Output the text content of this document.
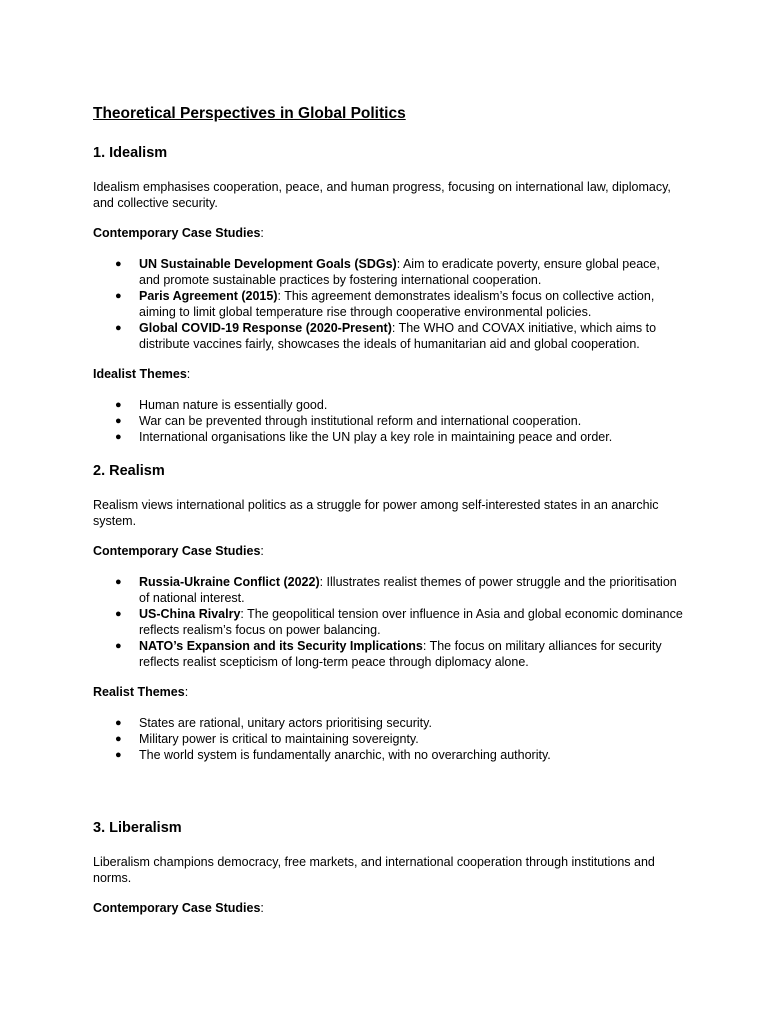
Theoretical Perspectives in Global Politics
1. Idealism

Idealism emphasises cooperation, peace, and human progress, focusing on international law, diplomacy, and collective security.

Contemporary Case Studies:

● UN Sustainable Development Goals (SDGs): Aim to eradicate poverty, ensure global peace, and promote sustainable practices by fostering international cooperation.
● Paris Agreement (2015): This agreement demonstrates idealism’s focus on collective action, aiming to limit global temperature rise through cooperative environmental policies.
● Global COVID-19 Response (2020-Present): The WHO and COVAX initiative, which aims to distribute vaccines fairly, showcases the ideals of humanitarian aid and global cooperation.

Idealist Themes:

● Human nature is essentially good.
● War can be prevented through institutional reform and international cooperation.
● International organisations like the UN play a key role in maintaining peace and order.
2. Realism

Realism views international politics as a struggle for power among self-interested states in an anarchic system.

Contemporary Case Studies:

● Russia-Ukraine Conflict (2022): Illustrates realist themes of power struggle and the prioritisation of national interest.
● US-China Rivalry: The geopolitical tension over influence in Asia and global economic dominance reflects realism’s focus on power balancing.
● NATO’s Expansion and its Security Implications: The focus on military alliances for security reflects realist scepticism of long-term peace through diplomacy alone.

Realist Themes:

● States are rational, unitary actors prioritising security.
● Military power is critical to maintaining sovereignty.
● The world system is fundamentally anarchic, with no overarching authority.
3. Liberalism

Liberalism champions democracy, free markets, and international cooperation through institutions and norms.

Contemporary Case Studies:
